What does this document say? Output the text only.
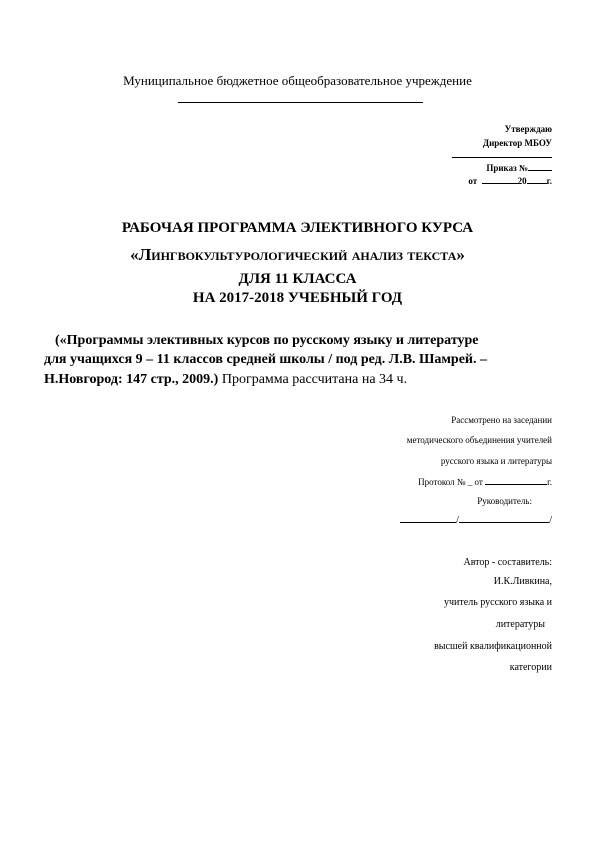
Муниципальное бюджетное общеобразовательное учреждение
Утверждаю
Директор МБОУ
Приказ №
от	20 г.
РАБОЧАЯ ПРОГРАММА ЭЛЕКТИВНОГО КУРСА
«Лингвокультурологический анализ текста»
ДЛЯ 11 КЛАССА
НА 2017-2018 УЧЕБНЫЙ ГОД
(«Программы элективных курсов по русскому языку и литературе
для учащихся 9 – 11 классов средней школы / под ред. Л.В. Шамрей. –
Н.Новгород: 147 стр., 2009.) Программа рассчитана на 34 ч.
Рассмотрено на заседании
методического объединения учителей
русского языка и литературы
Протокол № _ от	г.
Руководитель:
/	/
Автор - составитель:
И.К.Ливкина,
учитель русского языка и
литературы
высшей квалификационной
категории
